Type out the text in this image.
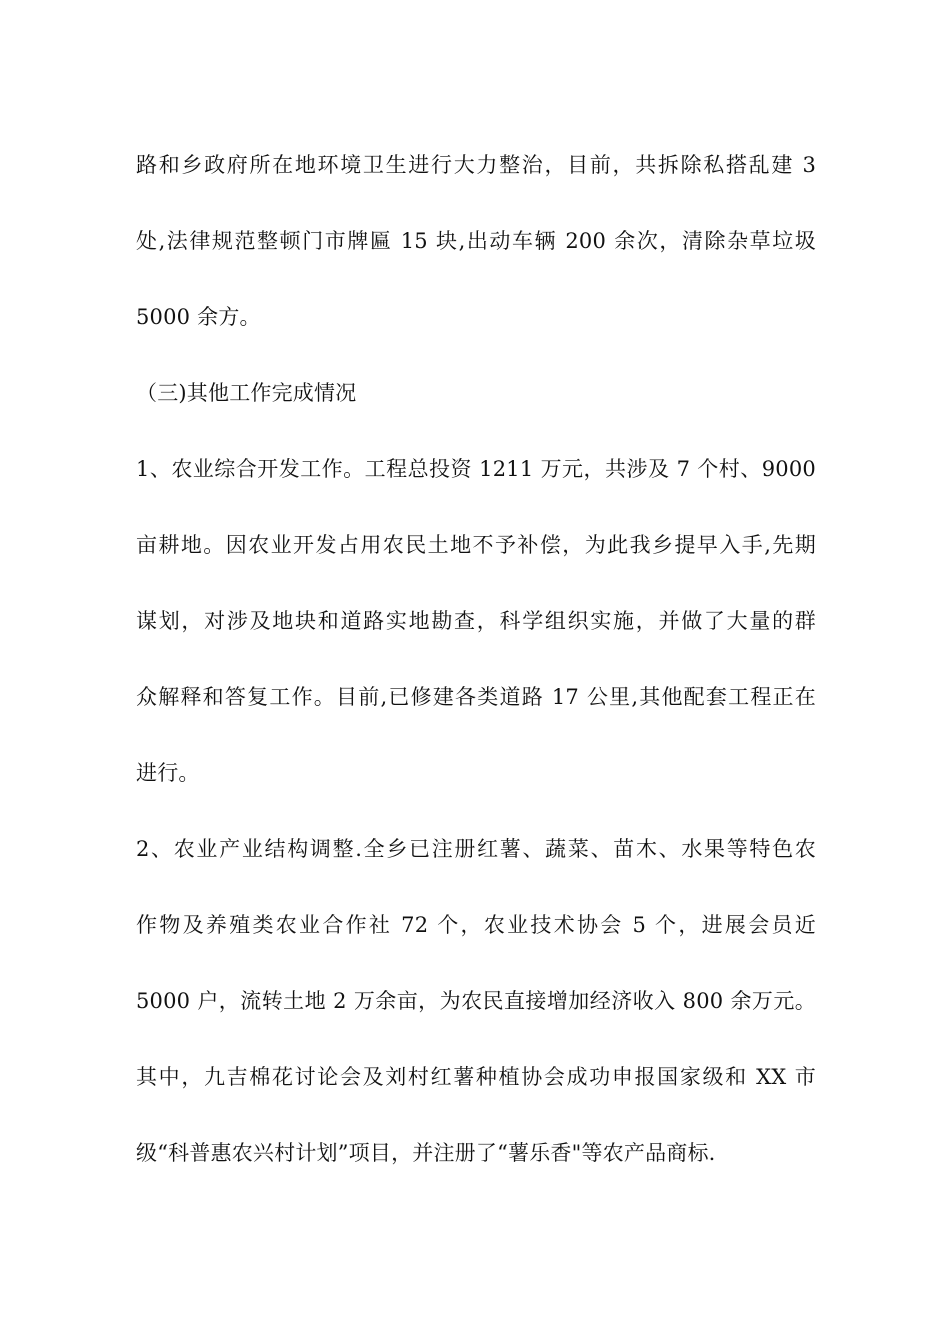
路和乡政府所在地环境卫生进行大力整治，目前，共拆除私搭乱建 3
处,法律规范整顿门市牌匾 15 块,出动车辆 200 余次，清除杂草垃圾
5000 余方。
（三)其他工作完成情况
1、农业综合开发工作。工程总投资 1211 万元，共涉及 7 个村、9000
亩耕地。因农业开发占用农民土地不予补偿，为此我乡提早入手,先期
谋划，对涉及地块和道路实地勘查，科学组织实施，并做了大量的群
众解释和答复工作。目前,已修建各类道路 17 公里,其他配套工程正在
进行。
2、农业产业结构调整.全乡已注册红薯、蔬菜、苗木、水果等特色农
作物及养殖类农业合作社 72 个，农业技术协会 5 个，进展会员近
5000 户，流转土地 2 万余亩，为农民直接增加经济收入 800 余万元。
其中，九吉棉花讨论会及刘村红薯种植协会成功申报国家级和 XX 市
级“科普惠农兴村计划”项目，并注册了“薯乐香"等农产品商标.
